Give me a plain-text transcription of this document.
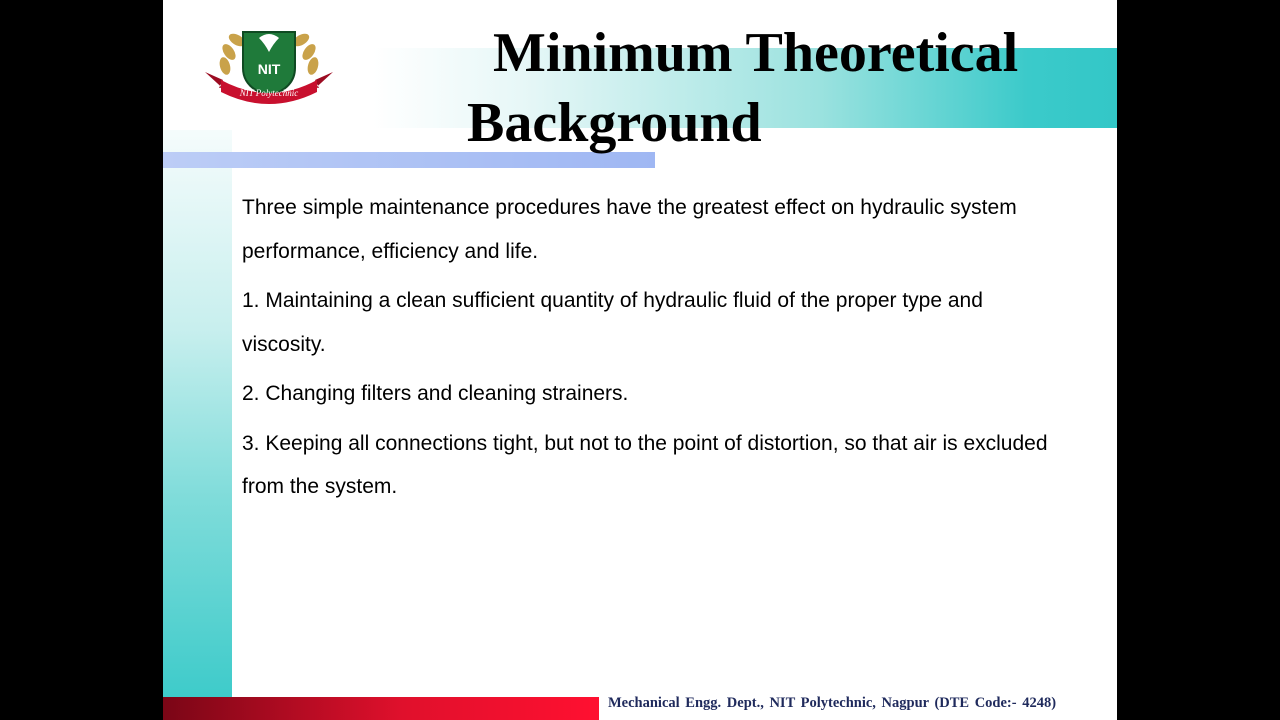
NIT
NIT Polytechnic
Minimum Theoretical
Background

Three simple maintenance procedures have the greatest effect on hydraulic system performance, efficiency and life.

1. Maintaining a clean sufficient quantity of hydraulic fluid of the proper type and viscosity.

2. Changing filters and cleaning strainers.

3. Keeping all connections tight, but not to the point of distortion, so that air is excluded from the system.

Mechanical Engg. Dept., NIT Polytechnic, Nagpur (DTE Code:- 4248)
